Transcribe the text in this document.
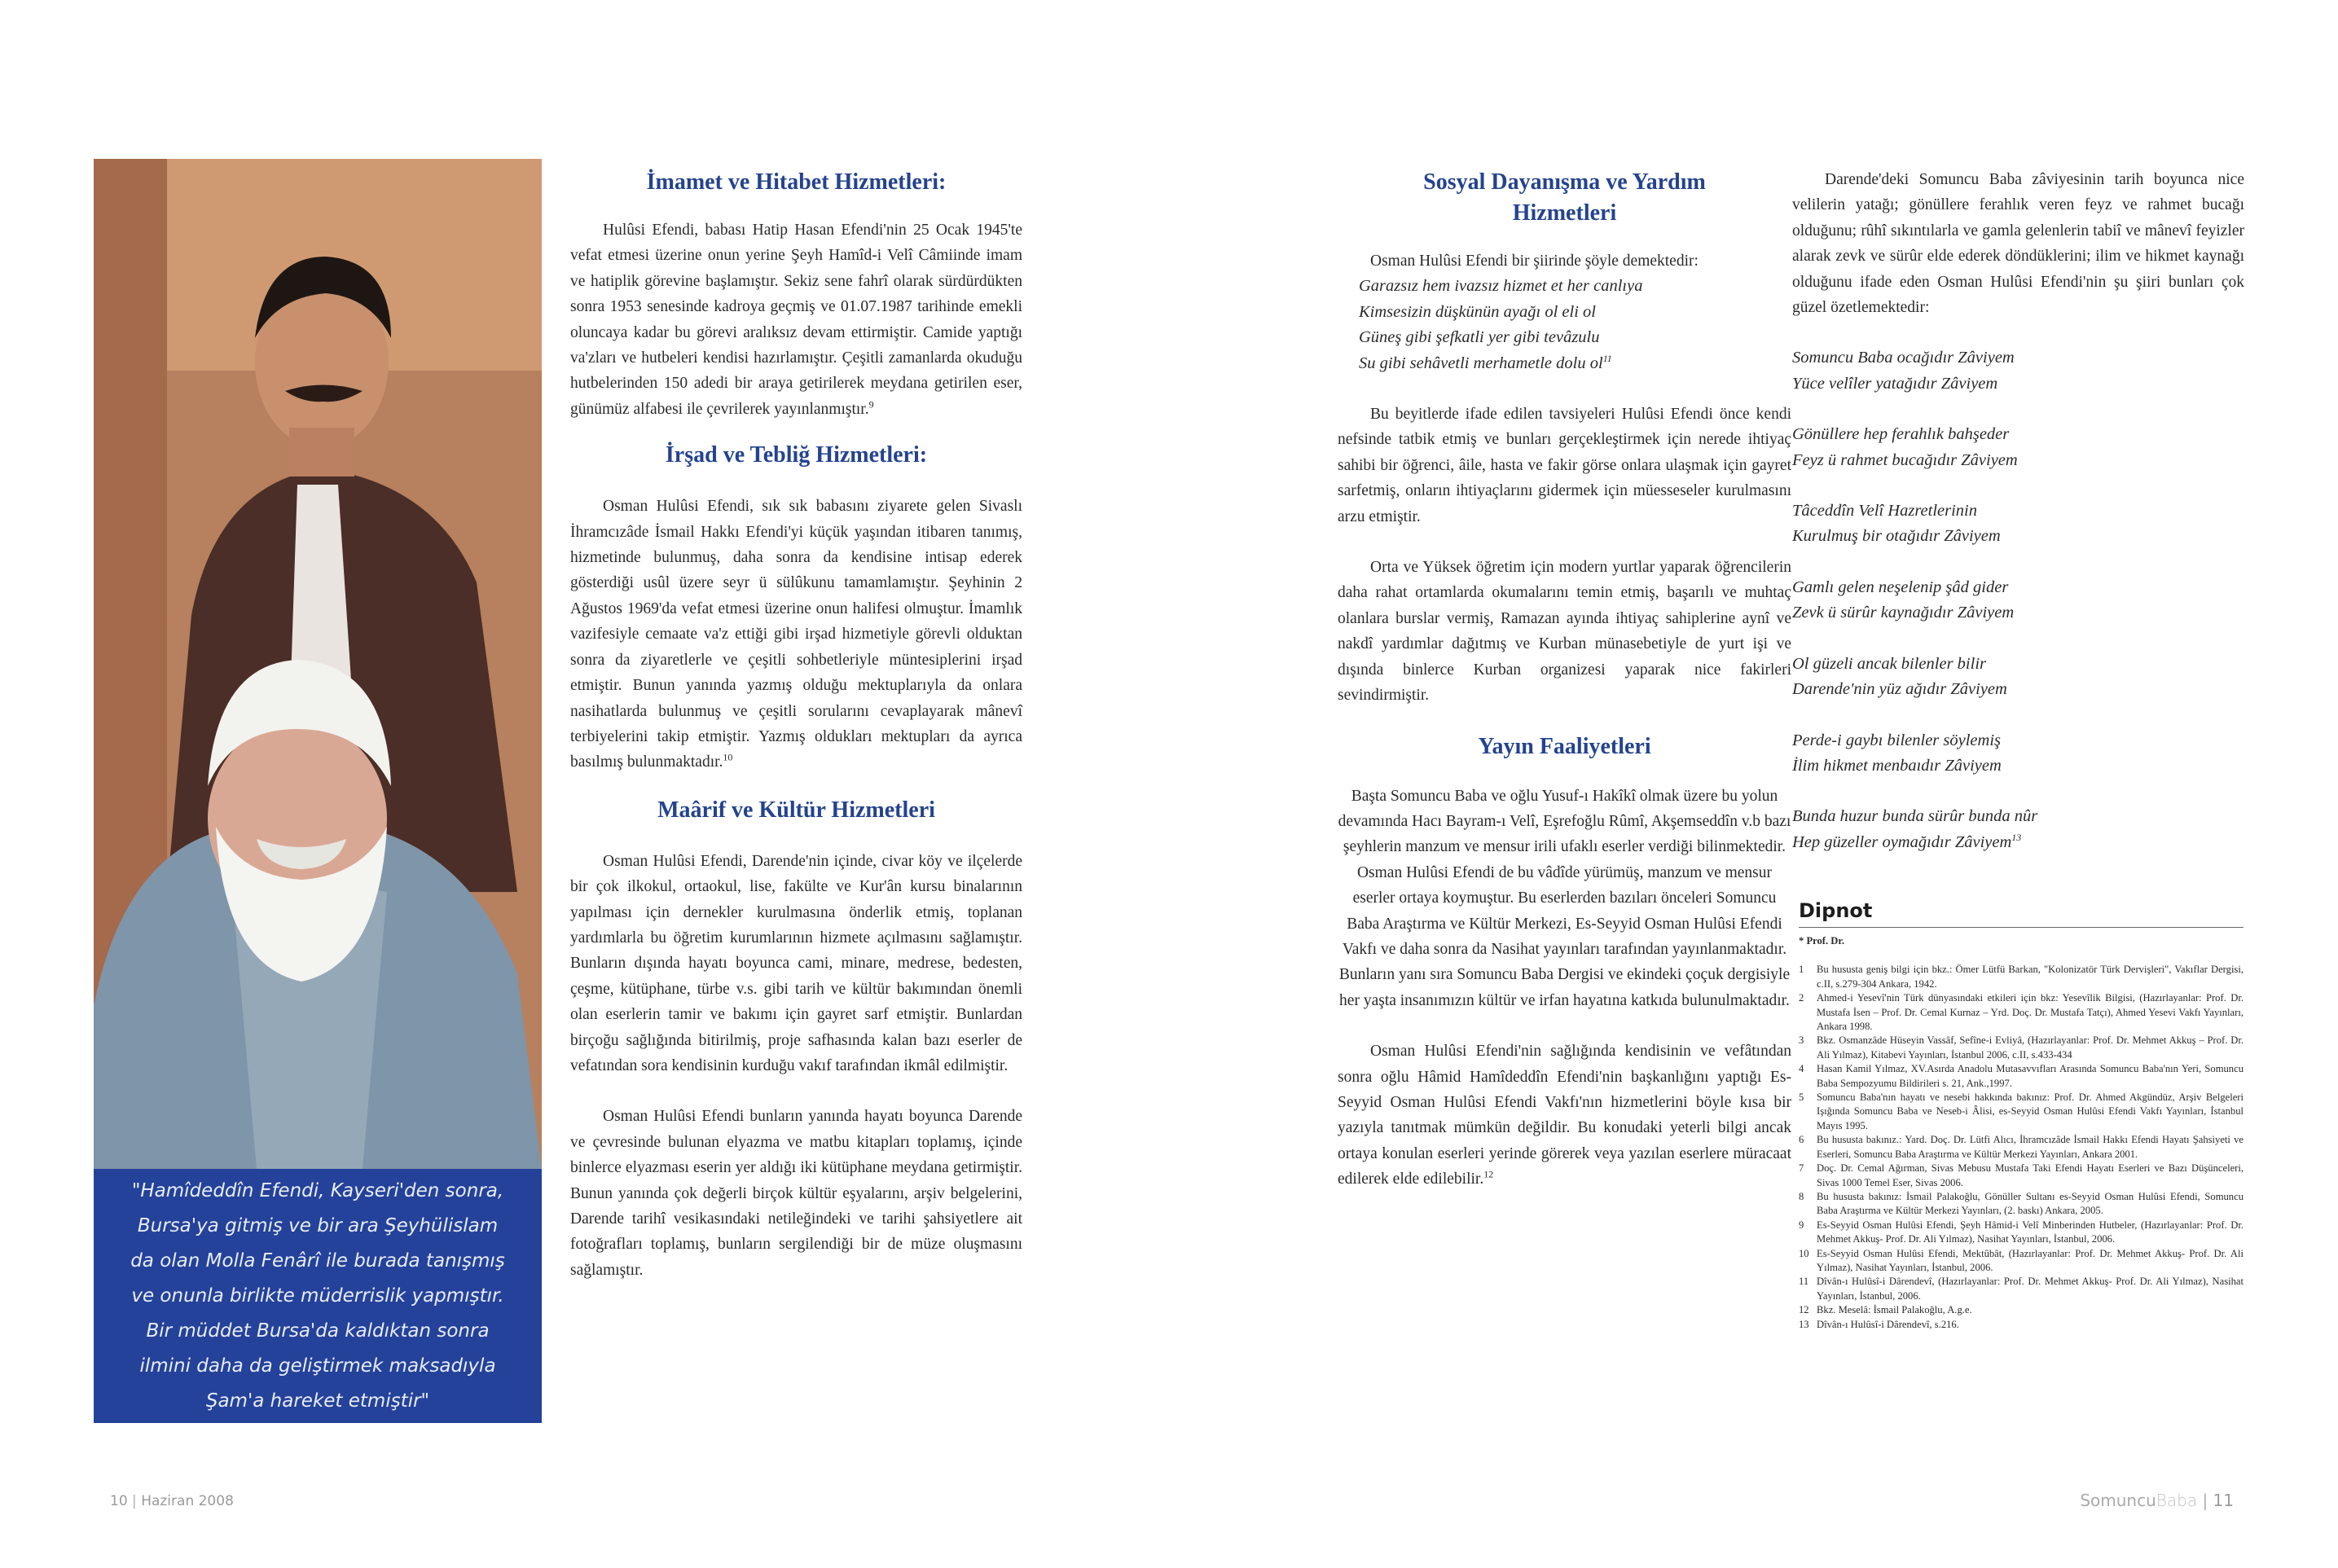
"Hamîdeddîn Efendi, Kayseri'den sonra, Bursa'ya gitmiş ve bir ara Şeyhülislam da olan Molla Fenârî ile burada tanışmış ve onunla birlikte müderrislik yapmıştır. Bir müddet Bursa'da kaldıktan sonra ilmini daha da geliştirmek maksadıyla Şam'a hareket etmiştir"

İmamet ve Hitabet Hizmetleri:

Hulûsi Efendi, babası Hatip Hasan Efendi'nin 25 Ocak 1945'te vefat etmesi üzerine onun yerine Şeyh Hamîd-i Velî Câmiinde imam ve hatiplik görevine başlamıştır. Sekiz sene fahrî olarak sürdürdükten sonra 1953 senesinde kadroya geçmiş ve 01.07.1987 tarihinde emekli oluncaya kadar bu görevi aralıksız devam ettirmiştir. Camide yaptığı va'zları ve hutbeleri kendisi hazırlamıştır. Çeşitli zamanlarda okuduğu hutbelerinden 150 adedi bir araya getirilerek meydana getirilen eser, günümüz alfabesi ile çevrilerek yayınlanmıştır.$^9$

İrşad ve Tebliğ Hizmetleri:

Osman Hulûsi Efendi, sık sık babasını ziyarete gelen Sivaslı İhramcızâde İsmail Hakkı Efendi'yi küçük yaşından itibaren tanımış, hizmetinde bulunmuş, daha sonra da kendisine intisap ederek gösterdiği usûl üzere seyr ü sülûkunu tamamlamıştır. Şeyhinin 2 Ağustos 1969'da vefat etmesi üzerine onun halifesi olmuştur. İmamlık vazifesiyle cemaate va'z ettiği gibi irşad hizmetiyle görevli olduktan sonra da ziyaretlerle ve çeşitli sohbetleriyle müntesiplerini irşad etmiştir. Bunun yanında yazmış olduğu mektuplarıyla da onlara nasihatlarda bulunmuş ve çeşitli sorularını cevaplayarak mânevî terbiyelerini takip etmiştir. Yazmış oldukları mektupları da ayrıca basılmış bulunmaktadır.$^{10}$

Maârif ve Kültür Hizmetleri

Osman Hulûsi Efendi, Darende'nin içinde, civar köy ve ilçelerde bir çok ilkokul, ortaokul, lise, fakülte ve Kur'ân kursu binalarının yapılması için dernekler kurulmasına önderlik etmiş, toplanan yardımlarla bu öğretim kurumlarının hizmete açılmasını sağlamıştır. Bunların dışında hayatı boyunca cami, minare, medrese, bedesten, çeşme, kütüphane, türbe v.s. gibi tarih ve kültür bakımından önemli olan eserlerin tamir ve bakımı için gayret sarf etmiştir. Bunlardan birçoğu sağlığında bitirilmiş, proje safhasında kalan bazı eserler de vefatından sora kendisinin kurduğu vakıf tarafından ikmâl edilmiştir.

Osman Hulûsi Efendi bunların yanında hayatı boyunca Darende ve çevresinde bulunan elyazma ve matbu kitapları toplamış, içinde binlerce elyazması eserin yer aldığı iki kütüphane meydana getirmiştir. Bunun yanında çok değerli birçok kültür eşyalarını, arşiv belgelerini, Darende tarihî vesikasındaki netileğindeki ve tarihi şahsiyetlere ait fotoğrafları toplamış, bunların sergilendiği bir de müze oluşmasını sağlamıştır.

Sosyal Dayanışma ve Yardım Hizmetleri

Osman Hulûsi Efendi bir şiirinde şöyle demektedir:

Garazsız hem ivazsız hizmet et her canlıya
Kimsesizin düşkünün ayağı ol eli ol
Güneş gibi şefkatli yer gibi tevâzulu
Su gibi sehâvetli merhametle dolu $ol^{11}$

Bu beyitlerde ifade edilen tavsiyeleri Hulûsi Efendi önce kendi nefsinde tatbik etmiş ve bunları gerçekleştirmek için nerede ihtiyaç sahibi bir öğrenci, âile, hasta ve fakir görse onlara ulaşmak için gayret sarfetmiş, onların ihtiyaçlarını gidermek için müesseseler kurulmasını arzu etmiştir.

Orta ve Yüksek öğretim için modern yurtlar yaparak öğrencilerin daha rahat ortamlarda okumalarını temin etmiş, başarılı ve muhtaç olanlara burslar vermiş, Ramazan ayında ihtiyaç sahiplerine aynî ve nakdî yardımlar dağıtmış ve Kurban münasebetiyle de yurt işi ve dışında binlerce Kurban organizesi yaparak nice fakirleri sevindirmiştir.

Yayın Faaliyetleri

Başta Somuncu Baba ve oğlu Yusuf-ı Hakîkî olmak üzere bu yolun devamında Hacı Bayram-ı Velî, Eşrefoğlu Rûmî, Akşemseddîn v.b bazı şeyhlerin manzum ve mensur irili ufaklı eserler verdiği bilinmektedir. Osman Hulûsi Efendi de bu vâdîde yürümüş, manzum ve mensur eserler ortaya koymuştur. Bu eserlerden bazıları önceleri Somuncu Baba Araştırma ve Kültür Merkezi, Es-Seyyid Osman Hulûsi Efendi Vakfı ve daha sonra da Nasihat yayınları tarafından yayınlanmaktadır. Bunların yanı sıra Somuncu Baba Dergisi ve ekindeki çoçuk dergisiyle her yaşta insanımızın kültür ve irfan hayatına katkıda bulunulmaktadır.

Osman Hulûsi Efendi'nin sağlığında kendisinin ve vefâtından sonra oğlu Hâmid Hamîdeddîn Efendi'nin başkanlığını yaptığı Es-Seyyid Osman Hulûsi Efendi Vakfı'nın hizmetlerini böyle kısa bir yazıyla tanıtmak mümkün değildir. Bu konudaki yeterli bilgi ancak ortaya konulan eserleri yerinde görerek veya yazılan eserlere müracaat edilerek elde edilebilir.$^{12}$

Darende'deki Somuncu Baba zâviyesinin tarih boyunca nice velilerin yatağı; gönüllere ferahlık veren feyz ve rahmet bucağı olduğunu; rûhî sıkıntılarla ve gamla gelenlerin tabiî ve mânevî feyizler alarak zevk ve sürûr elde ederek döndüklerini; ilim ve hikmet kaynağı olduğunu ifade eden Osman Hulûsi Efendi'nin şu şiiri bunları çok güzel özetlemektedir:

Somuncu Baba ocağıdır Zâviyem
Yüce velîler yatağıdır Zâviyem
Gönüllere hep ferahlık bahşeder
Feyz ü rahmet bucağıdır Zâviyem
Tâceddîn Velî Hazretlerinin
Kurulmuş bir otağıdır Zâviyem
Gamlı gelen neşelenip şâd gider
Zevk ü sürûr kaynağıdır Zâviyem
Ol güzeli ancak bilenler bilir
Darende'nin yüz ağıdır Zâviyem
Perde-i gaybı bilenler söylemiş
İlim hikmet menbaıdır Zâviyem
Bunda huzur bunda sürûr bunda nûr
Hep güzeller oymağıdır Zâviyem$^{13}$
Dipnot
* Prof. Dr.
1	Bu hususta geniş bilgi için bkz.: Ömer Lütfü Barkan, "Kolonizatör Türk Dervişleri", Vakıflar Dergisi, c.II, s.279-304 Ankara, 1942.
2	Ahmed-i Yesevî'nin Türk dünyasındaki etkileri için bkz: Yesevîlik Bilgisi, (Hazırlayanlar: Prof. Dr. Mustafa İsen – Prof. Dr. Cemal Kurnaz – Yrd. Doç. Dr. Mustafa Tatçı), Ahmed Yesevi Vakfı Yayınları, Ankara 1998.
3	Bkz. Osmanzâde Hüseyin Vassâf, Sefîne-i Evliyâ, (Hazırlayanlar: Prof. Dr. Mehmet Akkuş – Prof. Dr. Ali Yılmaz), Kitabevi Yayınları, İstanbul 2006, c.II, s.433-434
4	Hasan Kamil Yılmaz, XV.Asırda Anadolu Mutasavvıfları Arasında Somuncu Baba'nın Yeri, Somuncu Baba Sempozyumu Bildirileri s. 21, Ank.,1997.
5	Somuncu Baba'nın hayatı ve nesebi hakkında bakınız: Prof. Dr. Ahmed Akgündüz, Arşiv Belgeleri Işığında Somuncu Baba ve Neseb-i Âlisi, es-Seyyid Osman Hulûsi Efendi Vakfı Yayınları, İstanbul Mayıs 1995.
6	Bu hususta bakınız.: Yard. Doç. Dr. Lütfi Alıcı, İhramcızâde İsmail Hakkı Efendi Hayatı Şahsiyeti ve Eserleri, Somuncu Baba Araştırma ve Kültür Merkezi Yayınları, Ankara 2001.
7	Doç. Dr. Cemal Ağırman, Sivas Mebusu Mustafa Taki Efendi Hayatı Eserleri ve Bazı Düşünceleri, Sivas 1000 Temel Eser, Sivas 2006.
8	Bu hususta bakınız: İsmail Palakoğlu, Gönüller Sultanı es-Seyyid Osman Hulûsi Efendi, Somuncu Baba Araştırma ve Kültür Merkezi Yayınları, (2. baskı) Ankara, 2005.
9	Es-Seyyid Osman Hulûsi Efendi, Şeyh Hâmid-i Velî Minberinden Hutbeler, (Hazırlayanlar: Prof. Dr. Mehmet Akkuş- Prof. Dr. Ali Yılmaz), Nasihat Yayınları, İstanbul, 2006.
10 Es-Seyyid Osman Hulûsi Efendi, Mektûbât, (Hazırlayanlar: Prof. Dr. Mehmet Akkuş- Prof. Dr. Ali Yılmaz), Nasihat Yayınları, İstanbul, 2006.
11 Dîvân-ı Hulûsî-i Dârendevî, (Hazırlayanlar: Prof. Dr. Mehmet Akkuş- Prof. Dr. Ali Yılmaz), Nasihat Yayınları, İstanbul, 2006.
12 Bkz. Meselâ: İsmail Palakoğlu, A.g.e.
13 Dîvân-ı Hulûsî-i Dârendevî, s.216.
10 | Haziran 2008	SomuncuBaba | 11
